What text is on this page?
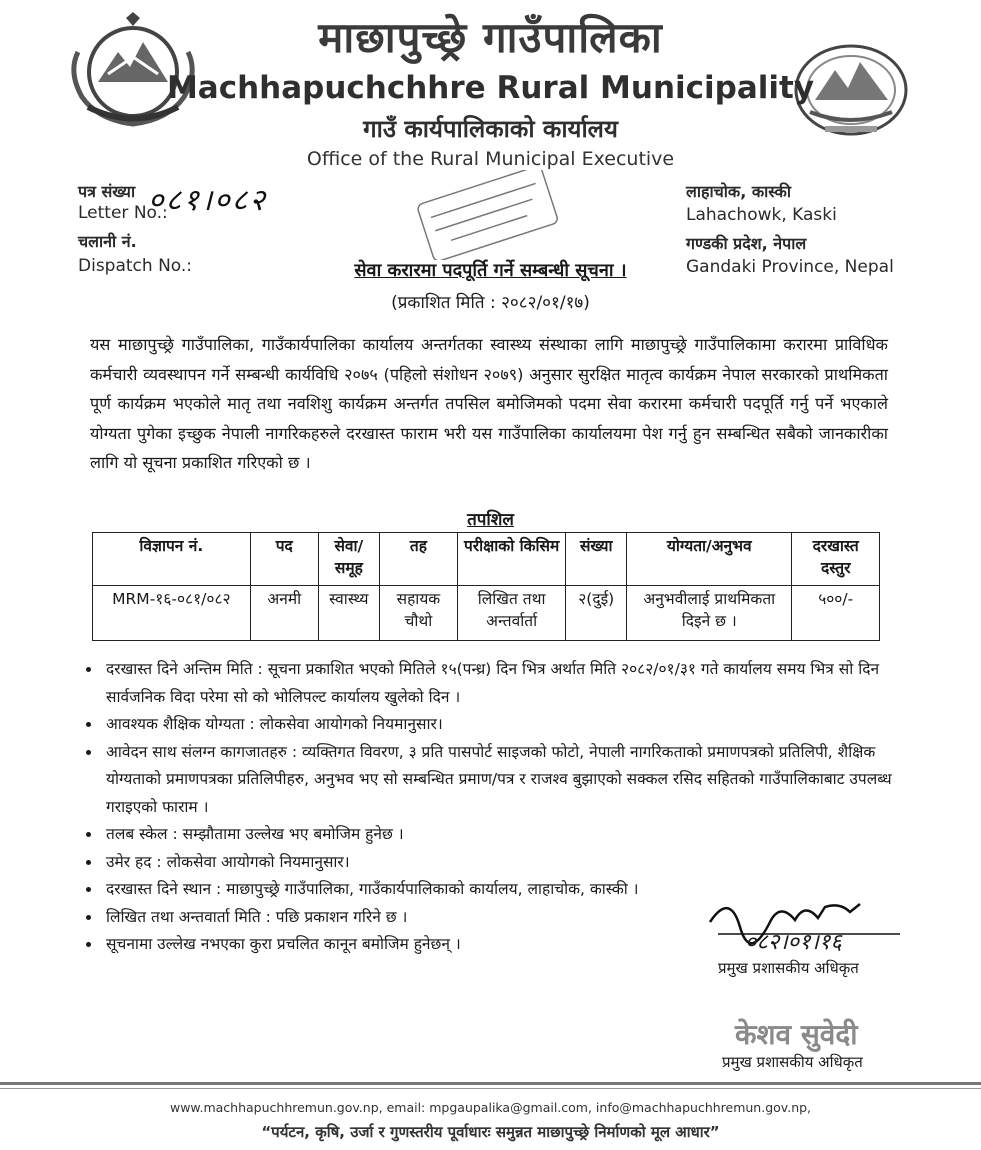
माछापुच्छ्रे गाउँपालिका
Machhapuchchhre Rural Municipality
गाउँ कार्यपालिकाको कार्यालय
Office of the Rural Municipal Executive
पत्र संख्या
Letter No.:
०८१।०८२
चलानी नं.
Dispatch No.:
लाहाचोक, कास्की
Lahachowk, Kaski
गण्डकी प्रदेश, नेपाल
Gandaki Province, Nepal
सेवा करारमा पदपूर्ति गर्ने सम्बन्धी सूचना ।
(प्रकाशित मिति : २०८२/०१/१७)
यस माछापुच्छ्रे गाउँपालिका, गाउँकार्यपालिका कार्यालय अन्तर्गतका स्वास्थ्य संस्थाका लागि माछापुच्छ्रे गाउँपालिकामा करारमा प्राविधिक कर्मचारी व्यवस्थापन गर्ने सम्बन्धी कार्यविधि २०७५ (पहिलो संशोधन २०७९) अनुसार सुरक्षित मातृत्व कार्यक्रम नेपाल सरकारको प्राथमिकता पूर्ण कार्यक्रम भएकोले मातृ तथा नवशिशु कार्यक्रम अन्तर्गत तपसिल बमोजिमको पदमा सेवा करारमा कर्मचारी पदपूर्ति गर्नु पर्ने भएकाले योग्यता पुगेका इच्छुक नेपाली नागरिकहरुले दरखास्त फाराम भरी यस गाउँपालिका कार्यालयमा पेश गर्नु हुन सम्बन्धित सबैको जानकारीका लागि यो सूचना प्रकाशित गरिएको छ ।
तपशिल
विज्ञापन नं.	पद	सेवा/ समूह	तह	परीक्षाको किसिम	संख्या	योग्यता/अनुभव	दरखास्त दस्तुर
MRM-१६-०८१/०८२	अनमी	स्वास्थ्य	सहायक चौथो	लिखित तथा अन्तर्वार्ता	२(दुई)	अनुभवीलाई प्राथमिकता दिइने छ ।	५००/-
• दरखास्त दिने अन्तिम मिति : सूचना प्रकाशित भएको मितिले १५(पन्ध्र) दिन भित्र अर्थात मिति २०८२/०१/३१ गते कार्यालय समय भित्र सो दिन सार्वजनिक विदा परेमा सो को भोलिपल्ट कार्यालय खुलेको दिन ।
• आवश्यक शैक्षिक योग्यता : लोकसेवा आयोगको नियमानुसार।
• आवेदन साथ संलग्न कागजातहरु : व्यक्तिगत विवरण, ३ प्रति पासपोर्ट साइजको फोटो, नेपाली नागरिकताको प्रमाणपत्रको प्रतिलिपी, शैक्षिक योग्यताको प्रमाणपत्रका प्रतिलिपीहरु, अनुभव भए सो सम्बन्धित प्रमाण/पत्र र राजश्व बुझाएको सक्कल रसिद सहितको गाउँपालिकाबाट उपलब्ध गराइएको फाराम ।
• तलब स्केल : सम्झौतामा उल्लेख भए बमोजिम हुनेछ ।
• उमेर हद : लोकसेवा आयोगको नियमानुसार।
• दरखास्त दिने स्थान : माछापुच्छ्रे गाउँपालिका, गाउँकार्यपालिकाको कार्यालय, लाहाचोक, कास्की ।
• लिखित तथा अन्तवार्ता मिति : पछि प्रकाशन गरिने छ ।
• सूचनामा उल्लेख नभएका कुरा प्रचलित कानून बमोजिम हुनेछन् ।	०८२।०१।१६
प्रमुख प्रशासकीय अधिकृत
केशव सुवेदी
प्रमुख प्रशासकीय अधिकृत
www.machhapuchhremun.gov.np, email: mpgaupalika@gmail.com, info@machhapuchhremun.gov.np,
“पर्यटन, कृषि, उर्जा र गुणस्तरीय पूर्वाधारः समुन्नत माछापुच्छ्रे निर्माणको मूल आधार”
